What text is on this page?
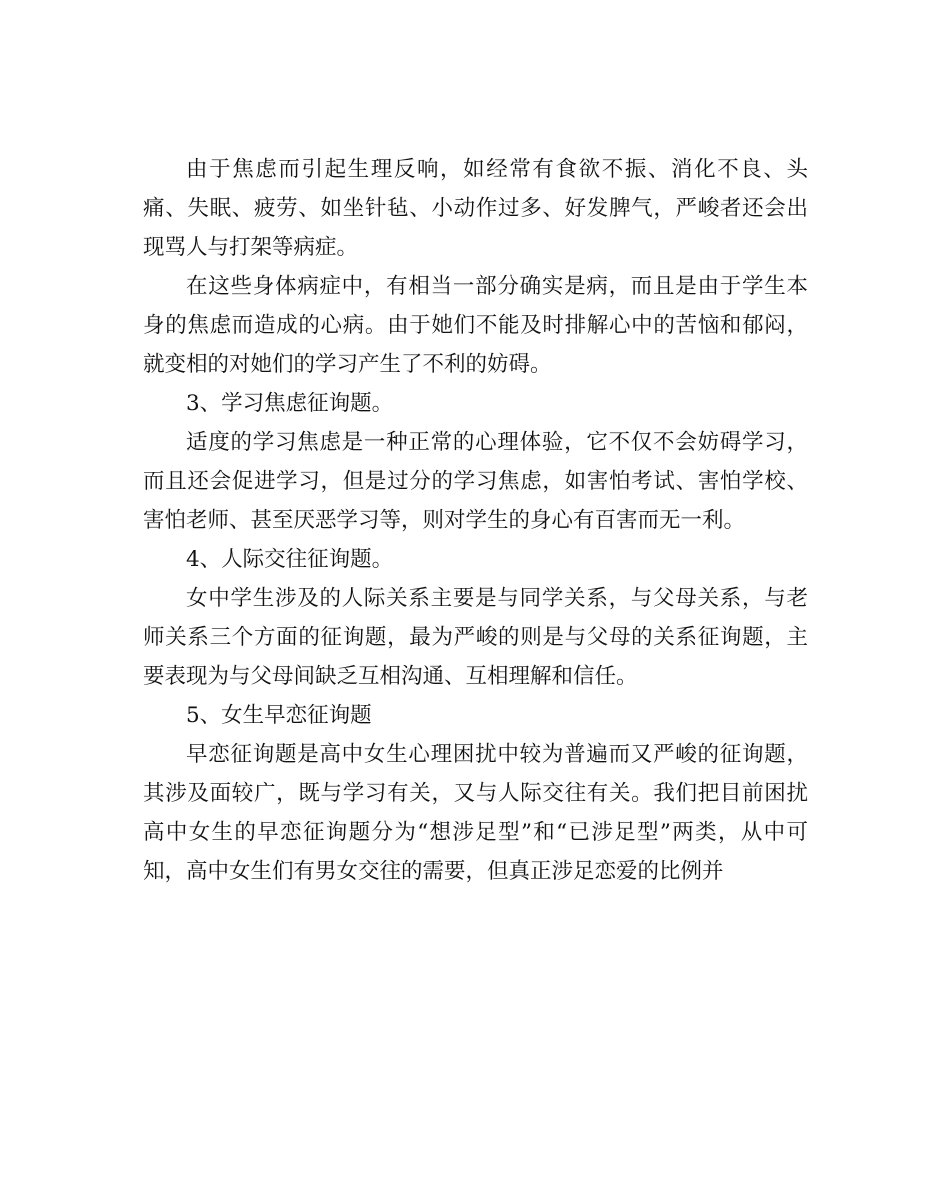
由于焦虑而引起生理反响，如经常有食欲不振、消化不良、头痛、失眠、疲劳、如坐针毡、小动作过多、好发脾气，严峻者还会出现骂人与打架等病症。

在这些身体病症中，有相当一部分确实是病，而且是由于学生本身的焦虑而造成的心病。由于她们不能及时排解心中的苦恼和郁闷，就变相的对她们的学习产生了不利的妨碍。

3、学习焦虑征询题。

适度的学习焦虑是一种正常的心理体验，它不仅不会妨碍学习，而且还会促进学习，但是过分的学习焦虑，如害怕考试、害怕学校、害怕老师、甚至厌恶学习等，则对学生的身心有百害而无一利。

4、人际交往征询题。

女中学生涉及的人际关系主要是与同学关系，与父母关系，与老师关系三个方面的征询题，最为严峻的则是与父母的关系征询题，主要表现为与父母间缺乏互相沟通、互相理解和信任。

5、女生早恋征询题

早恋征询题是高中女生心理困扰中较为普遍而又严峻的征询题，其涉及面较广，既与学习有关，又与人际交往有关。我们把目前困扰高中女生的早恋征询题分为“想涉足型”和“已涉足型”两类，从中可知，高中女生们有男女交往的需要，但真正涉足恋爱的比例并
